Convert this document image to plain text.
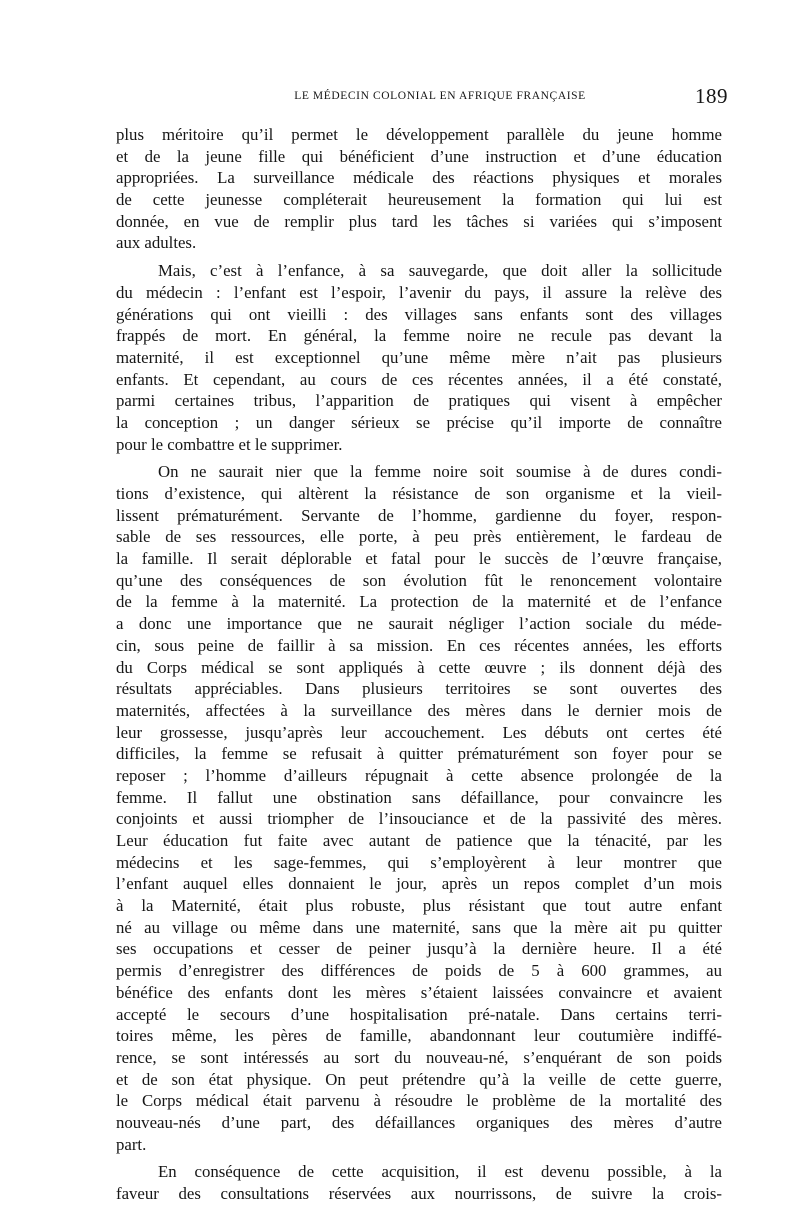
LE MÉDECIN COLONIAL EN AFRIQUE FRANÇAISE	189
plus méritoire qu’il permet le développement parallèle du jeune homme
et de la jeune fille qui bénéficient d’une instruction et d’une éducation
appropriées. La surveillance médicale des réactions physiques et morales
de cette jeunesse compléterait heureusement la formation qui lui est
donnée, en vue de remplir plus tard les tâches si variées qui s’imposent
aux adultes.
Mais, c’est à l’enfance, à sa sauvegarde, que doit aller la sollicitude
du médecin : l’enfant est l’espoir, l’avenir du pays, il assure la relève des
générations qui ont vieilli : des villages sans enfants sont des villages
frappés de mort. En général, la femme noire ne recule pas devant la
maternité, il est exceptionnel qu’une même mère n’ait pas plusieurs
enfants. Et cependant, au cours de ces récentes années, il a été constaté,
parmi certaines tribus, l’apparition de pratiques qui visent à empêcher
la conception ; un danger sérieux se précise qu’il importe de connaître
pour le combattre et le supprimer.
On ne saurait nier que la femme noire soit soumise à de dures condi-
tions d’existence, qui altèrent la résistance de son organisme et la vieil-
lissent prématurément. Servante de l’homme, gardienne du foyer, respon-
sable de ses ressources, elle porte, à peu près entièrement, le fardeau de
la famille. Il serait déplorable et fatal pour le succès de l’œuvre française,
qu’une des conséquences de son évolution fût le renoncement volontaire
de la femme à la maternité. La protection de la maternité et de l’enfance
a donc une importance que ne saurait négliger l’action sociale du méde-
cin, sous peine de faillir à sa mission. En ces récentes années, les efforts
du Corps médical se sont appliqués à cette œuvre ; ils donnent déjà des
résultats appréciables. Dans plusieurs territoires se sont ouvertes des
maternités, affectées à la surveillance des mères dans le dernier mois de
leur grossesse, jusqu’après leur accouchement. Les débuts ont certes été
difficiles, la femme se refusait à quitter prématurément son foyer pour se
reposer ; l’homme d’ailleurs répugnait à cette absence prolongée de la
femme. Il fallut une obstination sans défaillance, pour convaincre les
conjoints et aussi triompher de l’insouciance et de la passivité des mères.
Leur éducation fut faite avec autant de patience que la ténacité, par les
médecins et les sage-femmes, qui s’employèrent à leur montrer que
l’enfant auquel elles donnaient le jour, après un repos complet d’un mois
à la Maternité, était plus robuste, plus résistant que tout autre enfant
né au village ou même dans une maternité, sans que la mère ait pu quitter
ses occupations et cesser de peiner jusqu’à la dernière heure. Il a été
permis d’enregistrer des différences de poids de 5 à 600 grammes, au
bénéfice des enfants dont les mères s’étaient laissées convaincre et avaient
accepté le secours d’une hospitalisation pré-natale. Dans certains terri-
toires même, les pères de famille, abandonnant leur coutumière indiffé-
rence, se sont intéressés au sort du nouveau-né, s’enquérant de son poids
et de son état physique. On peut prétendre qu’à la veille de cette guerre,
le Corps médical était parvenu à résoudre le problème de la mortalité des
nouveau-nés d’une part, des défaillances organiques des mères d’autre
part.
En conséquence de cette acquisition, il est devenu possible, à la
faveur des consultations réservées aux nourrissons, de suivre la crois-
